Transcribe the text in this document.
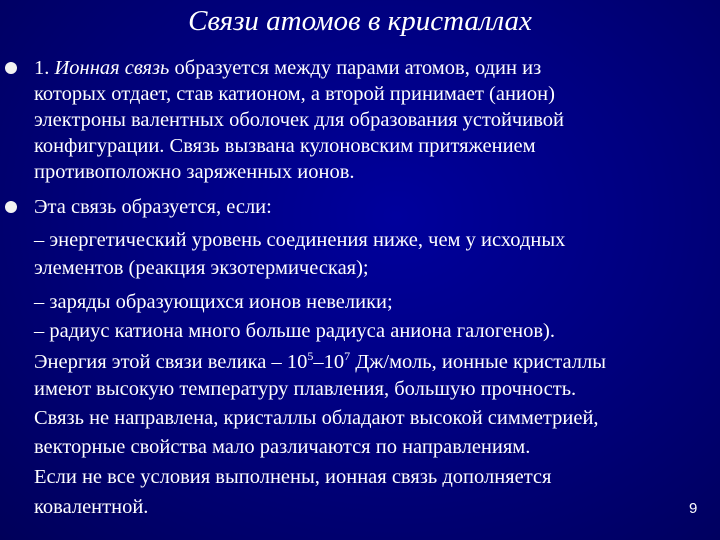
Связи атомов в кристаллах
1. Ионная связь образуется между парами атомов, один из
которых отдает, став катионом, а второй принимает (анион)
электроны валентных оболочек для образования устойчивой
конфигурации. Связь вызвана кулоновским притяжением
противоположно заряженных ионов.
Эта связь образуется, если:
– энергетический уровень соединения ниже, чем у исходных
элементов (реакция экзотермическая);
– заряды образующихся ионов невелики;
– радиус катиона много больше радиуса аниона галогенов).
Энергия этой связи велика – $10^5-10^7$ Дж/моль, ионные кристаллы
имеют высокую температуру плавления, большую прочность.
Связь не направлена, кристаллы обладают высокой симметрией,
векторные свойства мало различаются по направлениям.
Если не все условия выполнены, ионная связь дополняется
ковалентной.	9
